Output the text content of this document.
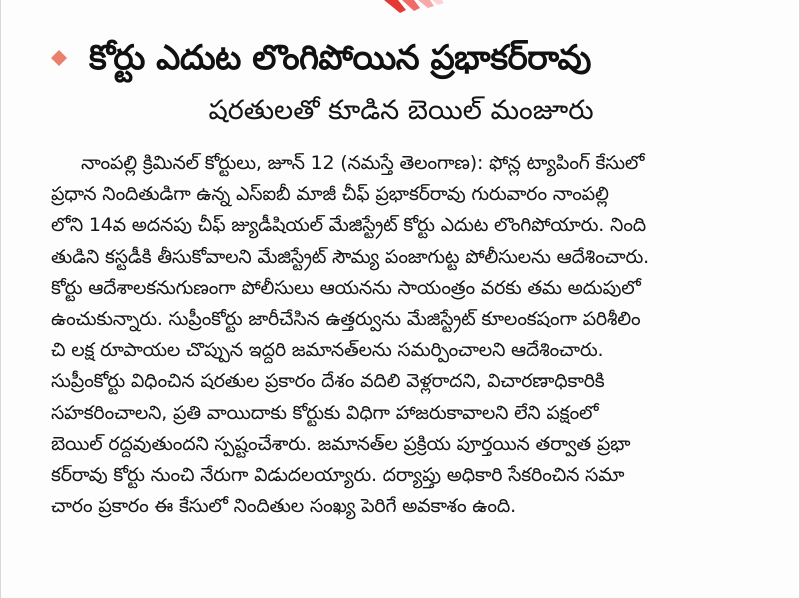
కోర్టు ఎదుట లొంగిపోయిన ప్రభాకర్‌రావు
షరతులతో కూడిన బెయిల్‌ మంజూరు
నాంపల్లి క్రిమినల్‌ కోర్టులు, జూన్‌ 12 (నమస్తే తెలంగాణ): ఫోన్ల ట్యాపింగ్‌ కేసులో
ప్రధాన నిందితుడిగా ఉన్న ఎస్‌ఐబీ మాజీ చీఫ్‌ ప్రభాకర్‌రావు గురువారం నాంపల్లి
లోని 14వ అదనపు చీఫ్‌ జ్యుడీషియల్‌ మేజిస్ట్రేట్‌ కోర్టు ఎదుట లొంగిపోయారు. నింది
తుడిని కస్టడీకి తీసుకోవాలని మేజిస్ట్రేట్‌ సౌమ్య పంజాగుట్ట పోలీసులను ఆదేశించారు.
కోర్టు ఆదేశాలకనుగుణంగా పోలీసులు ఆయనను సాయంత్రం వరకు తమ అదుపులో
ఉంచుకున్నారు. సుప్రీంకోర్టు జారీచేసిన ఉత్తర్వును మేజిస్ట్రేట్‌ కూలంకషంగా పరిశీలిం
చి లక్ష రూపాయల చొప్పున ఇద్దరి జమానత్‌లను సమర్పించాలని ఆదేశించారు.
సుప్రీంకోర్టు విధించిన షరతుల ప్రకారం దేశం వదిలి వెళ్లరాదని, విచారణాధికారికి
సహకరించాలని, ప్రతి వాయిదాకు కోర్టుకు విధిగా హాజరుకావాలని లేని పక్షంలో
బెయిల్‌ రద్దవుతుందని స్పష్టంచేశారు. జమానత్‌ల ప్రక్రియ పూర్తయిన తర్వాత ప్రభా
కర్‌రావు కోర్టు నుంచి నేరుగా విడుదలయ్యారు. దర్యాప్తు అధికారి సేకరించిన సమా
చారం ప్రకారం ఈ కేసులో నిందితుల సంఖ్య పెరిగే అవకాశం ఉంది.
